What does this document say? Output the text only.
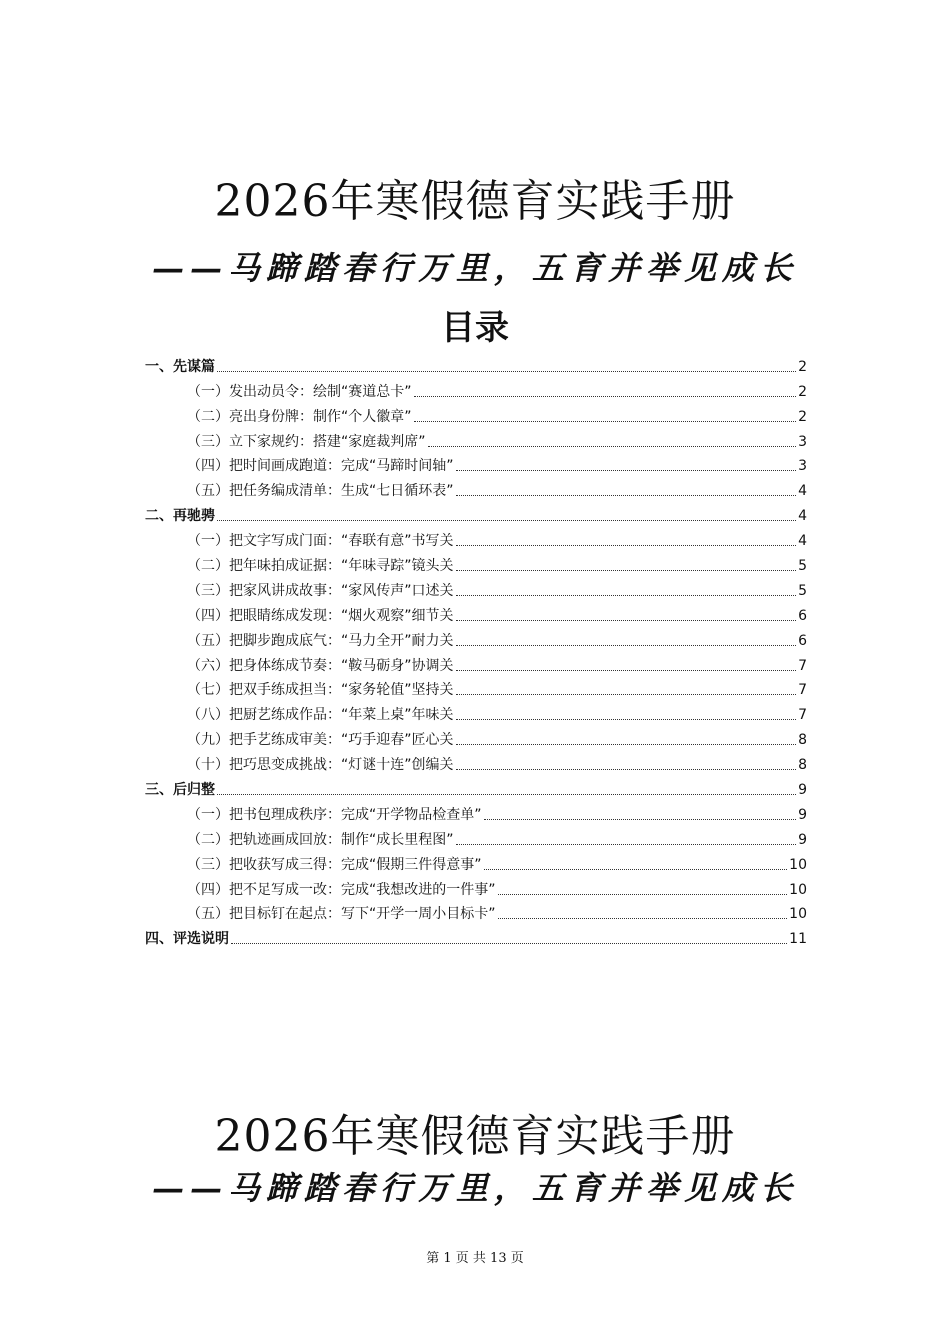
2026年寒假德育实践手册
——马蹄踏春行万里，五育并举见成长
目录
一、先谋篇	2
（一）发出动员令：绘制“赛道总卡”	2
（二）亮出身份牌：制作“个人徽章”	2
（三）立下家规约：搭建“家庭裁判席”	3
（四）把时间画成跑道：完成“马蹄时间轴”	3
（五）把任务编成清单：生成“七日循环表”	4
二、再驰骋	4
（一）把文字写成门面：“春联有意”书写关	4
（二）把年味拍成证据：“年味寻踪”镜头关	5
（三）把家风讲成故事：“家风传声”口述关	5
（四）把眼睛练成发现：“烟火观察”细节关	6
（五）把脚步跑成底气：“马力全开”耐力关	6
（六）把身体练成节奏：“鞍马砺身”协调关	7
（七）把双手练成担当：“家务轮值”坚持关	7
（八）把厨艺练成作品：“年菜上桌”年味关	7
（九）把手艺练成审美：“巧手迎春”匠心关	8
（十）把巧思变成挑战：“灯谜十连”创编关	8
三、后归整	9
（一）把书包理成秩序：完成“开学物品检查单”	9
（二）把轨迹画成回放：制作“成长里程图”	9
（三）把收获写成三得：完成“假期三件得意事”	10
（四）把不足写成一改：完成“我想改进的一件事”	10
（五）把目标钉在起点：写下“开学一周小目标卡”	10
四、评选说明	11
2026年寒假德育实践手册
——马蹄踏春行万里，五育并举见成长
第 1 页 共 13 页
